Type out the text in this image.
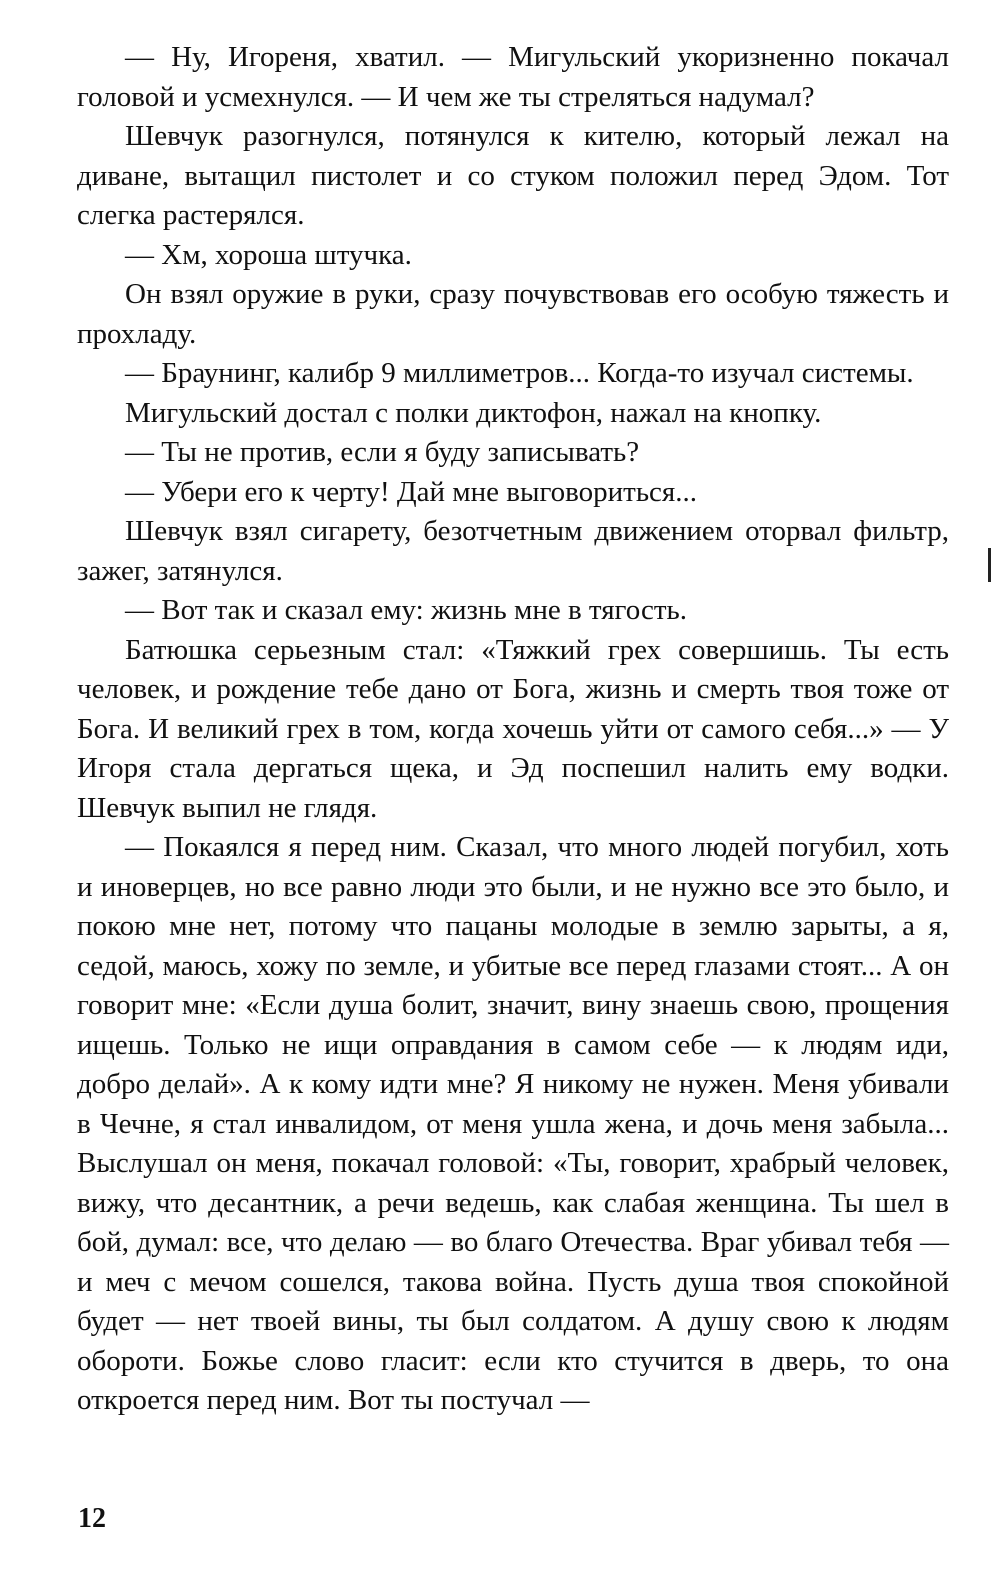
— Ну, Игореня, хватил. — Мигульский укоризненно покачал головой и усмехнулся. — И чем же ты стреляться надумал?

Шевчук разогнулся, потянулся к кителю, который лежал на диване, вытащил пистолет и со стуком положил перед Эдом. Тот слегка растерялся.

— Хм, хороша штучка.

Он взял оружие в руки, сразу почувствовав его особую тяжесть и прохладу.

— Браунинг, калибр 9 миллиметров... Когда-то изучал системы.

Мигульский достал с полки диктофон, нажал на кнопку.

— Ты не против, если я буду записывать?

— Убери его к черту! Дай мне выговориться...

Шевчук взял сигарету, безотчетным движением оторвал фильтр, зажег, затянулся.

— Вот так и сказал ему: жизнь мне в тягость.

Батюшка серьезным стал: «Тяжкий грех совершишь. Ты есть человек, и рождение тебе дано от Бога, жизнь и смерть твоя тоже от Бога. И великий грех в том, когда хочешь уйти от самого себя...» — У Игоря стала дергаться щека, и Эд поспешил налить ему водки. Шевчук выпил не глядя.

— Покаялся я перед ним. Сказал, что много людей погубил, хоть и иноверцев, но все равно люди это были, и не нужно все это было, и покою мне нет, потому что пацаны молодые в землю зарыты, а я, седой, маюсь, хожу по земле, и убитые все перед глазами стоят... А он говорит мне: «Если душа болит, значит, вину знаешь свою, прощения ищешь. Только не ищи оправдания в самом себе — к людям иди, добро делай». А к кому идти мне? Я никому не нужен. Меня убивали в Чечне, я стал инвалидом, от меня ушла жена, и дочь меня забыла... Выслушал он меня, покачал головой: «Ты, говорит, храбрый человек, вижу, что десантник, а речи ведешь, как слабая женщина. Ты шел в бой, думал: все, что делаю — во благо Отечества. Враг убивал тебя — и меч с мечом сошелся, такова война. Пусть душа твоя спокойной будет — нет твоей вины, ты был солдатом. А душу свою к людям обороти. Божье слово гласит: если кто стучится в дверь, то она откроется перед ним. Вот ты постучал —

12
